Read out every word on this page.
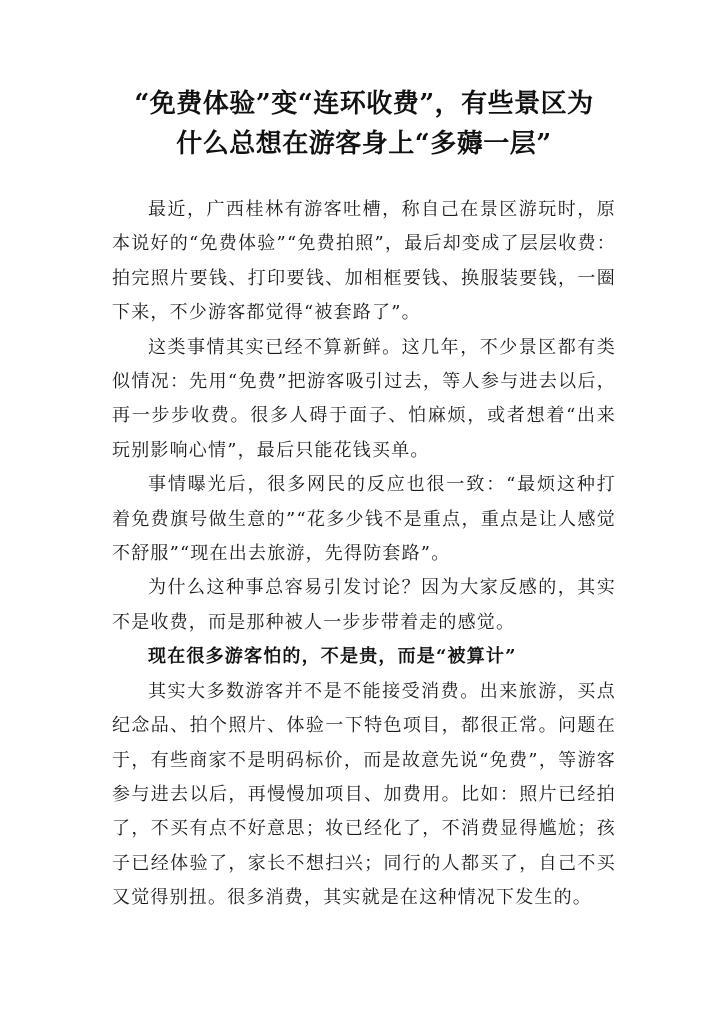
“免费体验”变“连环收费”，有些景区为
什么总想在游客身上“多薅一层”

最近，广西桂林有游客吐槽，称自己在景区游玩时，原本说好的“免费体验”“免费拍照”，最后却变成了层层收费：拍完照片要钱、打印要钱、加相框要钱、换服装要钱，一圈下来，不少游客都觉得“被套路了”。

这类事情其实已经不算新鲜。这几年，不少景区都有类似情况：先用“免费”把游客吸引过去，等人参与进去以后，再一步步收费。很多人碍于面子、怕麻烦，或者想着“出来玩别影响心情”，最后只能花钱买单。

事情曝光后，很多网民的反应也很一致：“最烦这种打着免费旗号做生意的”“花多少钱不是重点，重点是让人感觉不舒服”“现在出去旅游，先得防套路”。

为什么这种事总容易引发讨论？因为大家反感的，其实不是收费，而是那种被人一步步带着走的感觉。

现在很多游客怕的，不是贵，而是“被算计”

其实大多数游客并不是不能接受消费。出来旅游，买点纪念品、拍个照片、体验一下特色项目，都很正常。问题在于，有些商家不是明码标价，而是故意先说“免费”，等游客参与进去以后，再慢慢加项目、加费用。比如：照片已经拍了，不买有点不好意思；妆已经化了，不消费显得尴尬；孩子已经体验了，家长不想扫兴；同行的人都买了，自己不买又觉得别扭。很多消费，其实就是在这种情况下发生的。
